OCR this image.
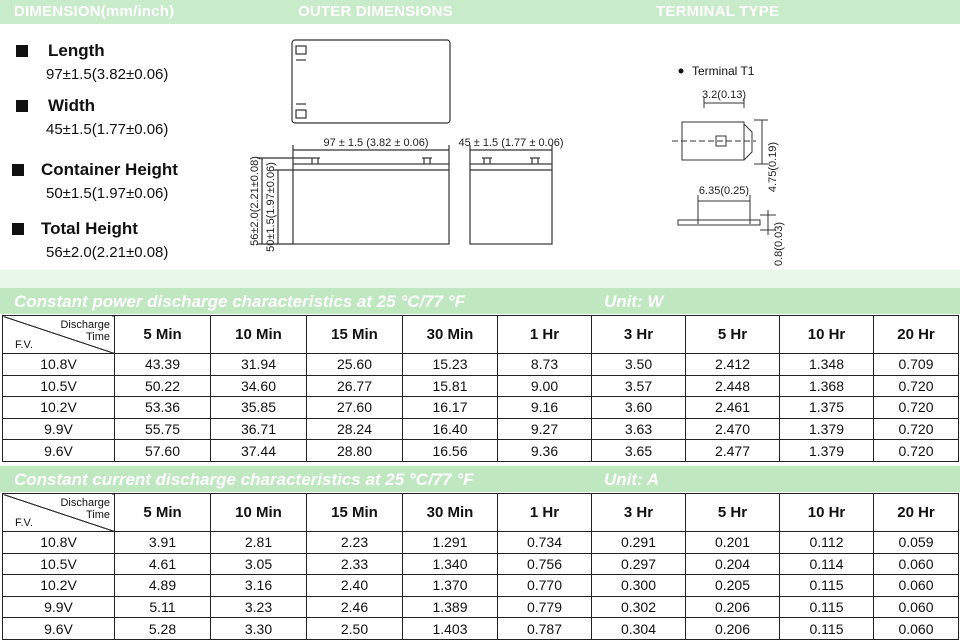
DIMENSION(mm/inch)	OUTER DIMENSIONS	TERMINAL TYPE
Length
97±1.5(3.82±0.06)
Width
45±1.5(1.77±0.06)
Container Height
50±1.5(1.97±0.06)
Total Height
56±2.0(2.21±0.08)
97 ± 1.5 (3.82 ± 0.06)	45 ± 1.5 (1.77 ± 0.06)
56±2.0(2.21±0.08) 50±1.5(1.97±0.06)
Terminal T1
3.2(0.13)
4.75(0.19)
6.35(0.25)
0.8(0.03)
Constant power discharge characteristics at 25 °C/77 °F	Unit: W
Discharge
Time
F.V.	5 Min	10 Min	15 Min	30 Min	1 Hr	3 Hr	5 Hr	10 Hr	20 Hr
10.8V	43.39	31.94	25.60	15.23	8.73	3.50	2.412	1.348	0.709
10.5V	50.22	34.60	26.77	15.81	9.00	3.57	2.448	1.368	0.720
10.2V	53.36	35.85	27.60	16.17	9.16	3.60	2.461	1.375	0.720
9.9V	55.75	36.71	28.24	16.40	9.27	3.63	2.470	1.379	0.720
9.6V	57.60	37.44	28.80	16.56	9.36	3.65	2.477	1.379	0.720
Constant current discharge characteristics at 25 °C/77 °F	Unit: A
Discharge
Time
F.V.	5 Min	10 Min	15 Min	30 Min	1 Hr	3 Hr	5 Hr	10 Hr	20 Hr
10.8V	3.91	2.81	2.23	1.291	0.734	0.291	0.201	0.112	0.059
10.5V	4.61	3.05	2.33	1.340	0.756	0.297	0.204	0.114	0.060
10.2V	4.89	3.16	2.40	1.370	0.770	0.300	0.205	0.115	0.060
9.9V	5.11	3.23	2.46	1.389	0.779	0.302	0.206	0.115	0.060
9.6V	5.28	3.30	2.50	1.403	0.787	0.304	0.206	0.115	0.060
